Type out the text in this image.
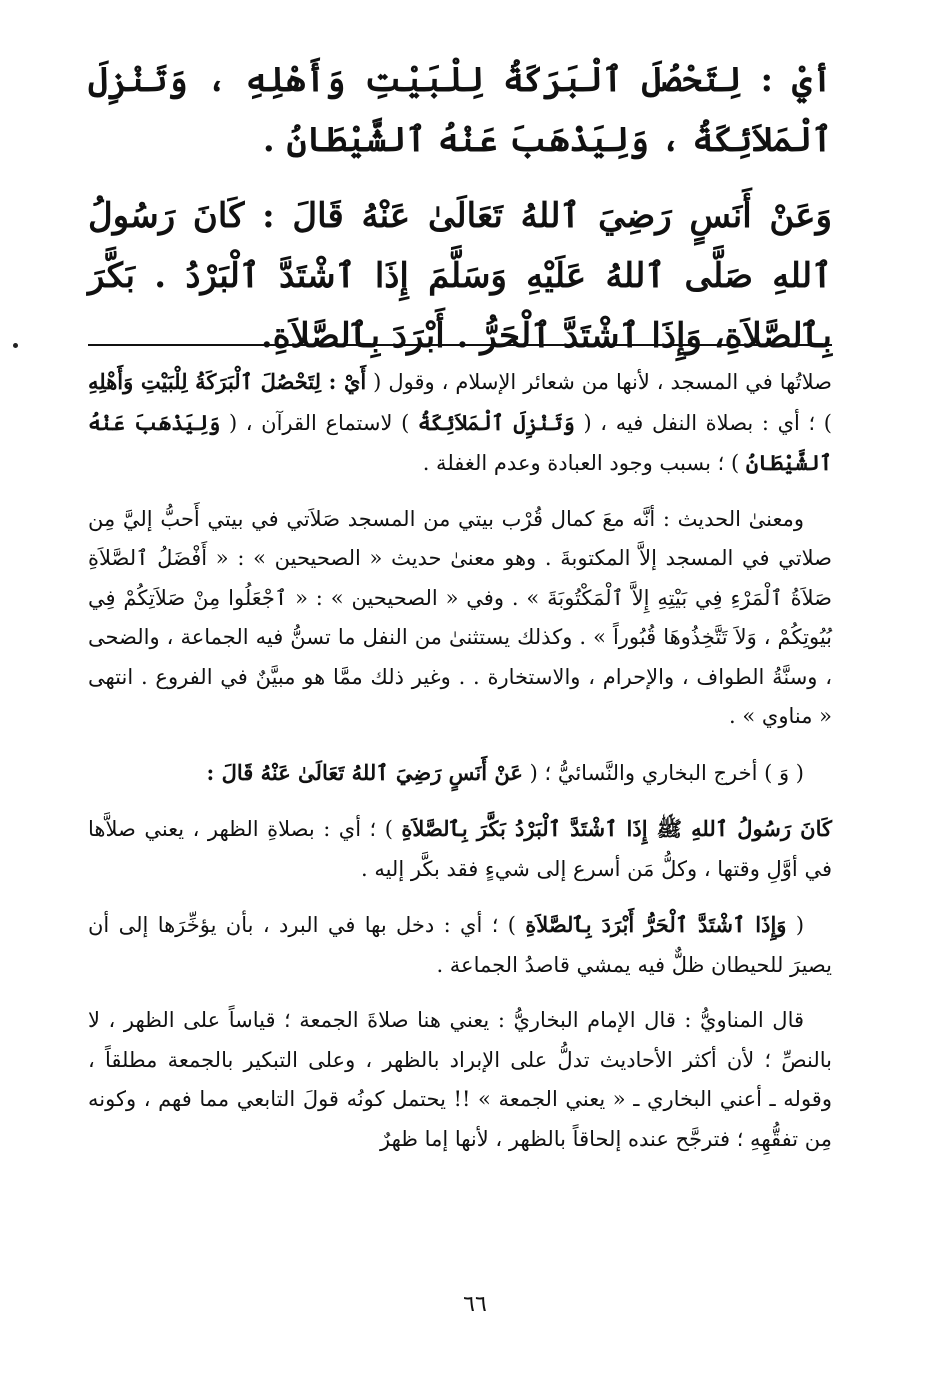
أيْ : لِتَحْصُلَ ٱلْبَرَكَةُ لِلْبَيْتِ وَأَهْلِهِ ، وَتَنْزِلَ ٱلْمَلاَئِكَةُ ، وَلِيَذْهَبَ عَنْهُ ٱلشَّيْطَانُ .

وَعَنْ أَنَسٍ رَضِيَ ٱللهُ تَعَالَىٰ عَنْهُ قَالَ : كَانَ رَسُولُ ٱللهِ صَلَّى ٱللهُ عَلَيْهِ وَسَلَّمَ إِذَا ٱشْتَدَّ ٱلْبَرْدُ . بَكَّرَ بِٱلصَّلاَةِ، وَإِذَا ٱشْتَدَّ ٱلْحَرُّ . أَبْرَدَ بِٱلصَّلاَةِ.

صلاتُها في المسجد ، لأنها من شعائر الإسلام ، وقول ( أَيْ : لِتَحْصُلَ ٱلْبَرَكَةُ لِلْبَيْتِ وَأَهْلِهِ ) ؛ أي : بصلاة النفل فيه ، ( وَتَنْزِلَ ٱلْمَلاَئِكَةُ ) لاستماع القرآن ، ( وَلِيَذْهَبَ عَنْهُ ٱلشَّيْطَانُ ) ؛ بسبب وجود العبادة وعدم الغفلة .

ومعنىٰ الحديث : أنَّه معَ كمال قُرْب بيتي من المسجد صَلاَتي في بيتي أَحبُّ إليَّ مِن صلاتي في المسجد إلاَّ المكتوبةَ . وهو معنىٰ حديث « الصحيحين » : « أَفْضَلُ ٱلصَّلاَةِ صَلاَةُ ٱلْمَرْءِ فِي بَيْتِهِ إِلاَّ ٱلْمَكْتُوبَةَ » . وفي « الصحيحين » : « ٱجْعَلُوا مِنْ صَلاَتِكُمْ فِي بُيُوتِكُمْ ، وَلاَ تَتَّخِذُوهَا قُبُوراً » . وكذلك يستثنىٰ من النفل ما تسنُّ فيه الجماعة ، والضحى ، وسنَّةُ الطواف ، والإحرام ، والاستخارة . . وغير ذلك ممَّا هو مبيَّنٌ في الفروع . انتهى « مناوي » .

( وَ ) أخرج البخاري والنَّسائيُّ ؛ ( عَنْ أَنَسٍ رَضِيَ ٱللهُ تَعَالَىٰ عَنْهُ قَالَ :

كَانَ رَسُولُ ٱللهِ ﷺ إِذَا ٱشْتَدَّ ٱلْبَرْدُ بَكَّرَ بِٱلصَّلاَةِ ) ؛ أي : بصلاةِ الظهر ، يعني صلاَّها في أوَّلِ وقتها ، وكلُّ مَن أسرع إلى شيءٍ فقد بكَّر إليه .

( وَإِذَا ٱشْتَدَّ ٱلْحَرُّ أَبْرَدَ بِٱلصَّلاَةِ ) ؛ أي : دخل بها في البرد ، بأن يؤخِّرَها إلى أن يصيرَ للحيطان ظلٌّ فيه يمشي قاصدُ الجماعة .

قال المناويُّ : قال الإمام البخاريُّ : يعني هنا صلاةَ الجمعة ؛ قياساً على الظهر ، لا بالنصِّ ؛ لأن أكثر الأحاديث تدلُّ على الإبراد بالظهر ، وعلى التبكير بالجمعة مطلقاً ، وقوله ـ أعني البخاري ـ « يعني الجمعة » !! يحتمل كونُه قولَ التابعي مما فهم ، وكونه مِن تفقُّهِهِ ؛ فترجَّح عنده إلحاقاً بالظهر ، لأنها إما ظهرٌ

٦٦
